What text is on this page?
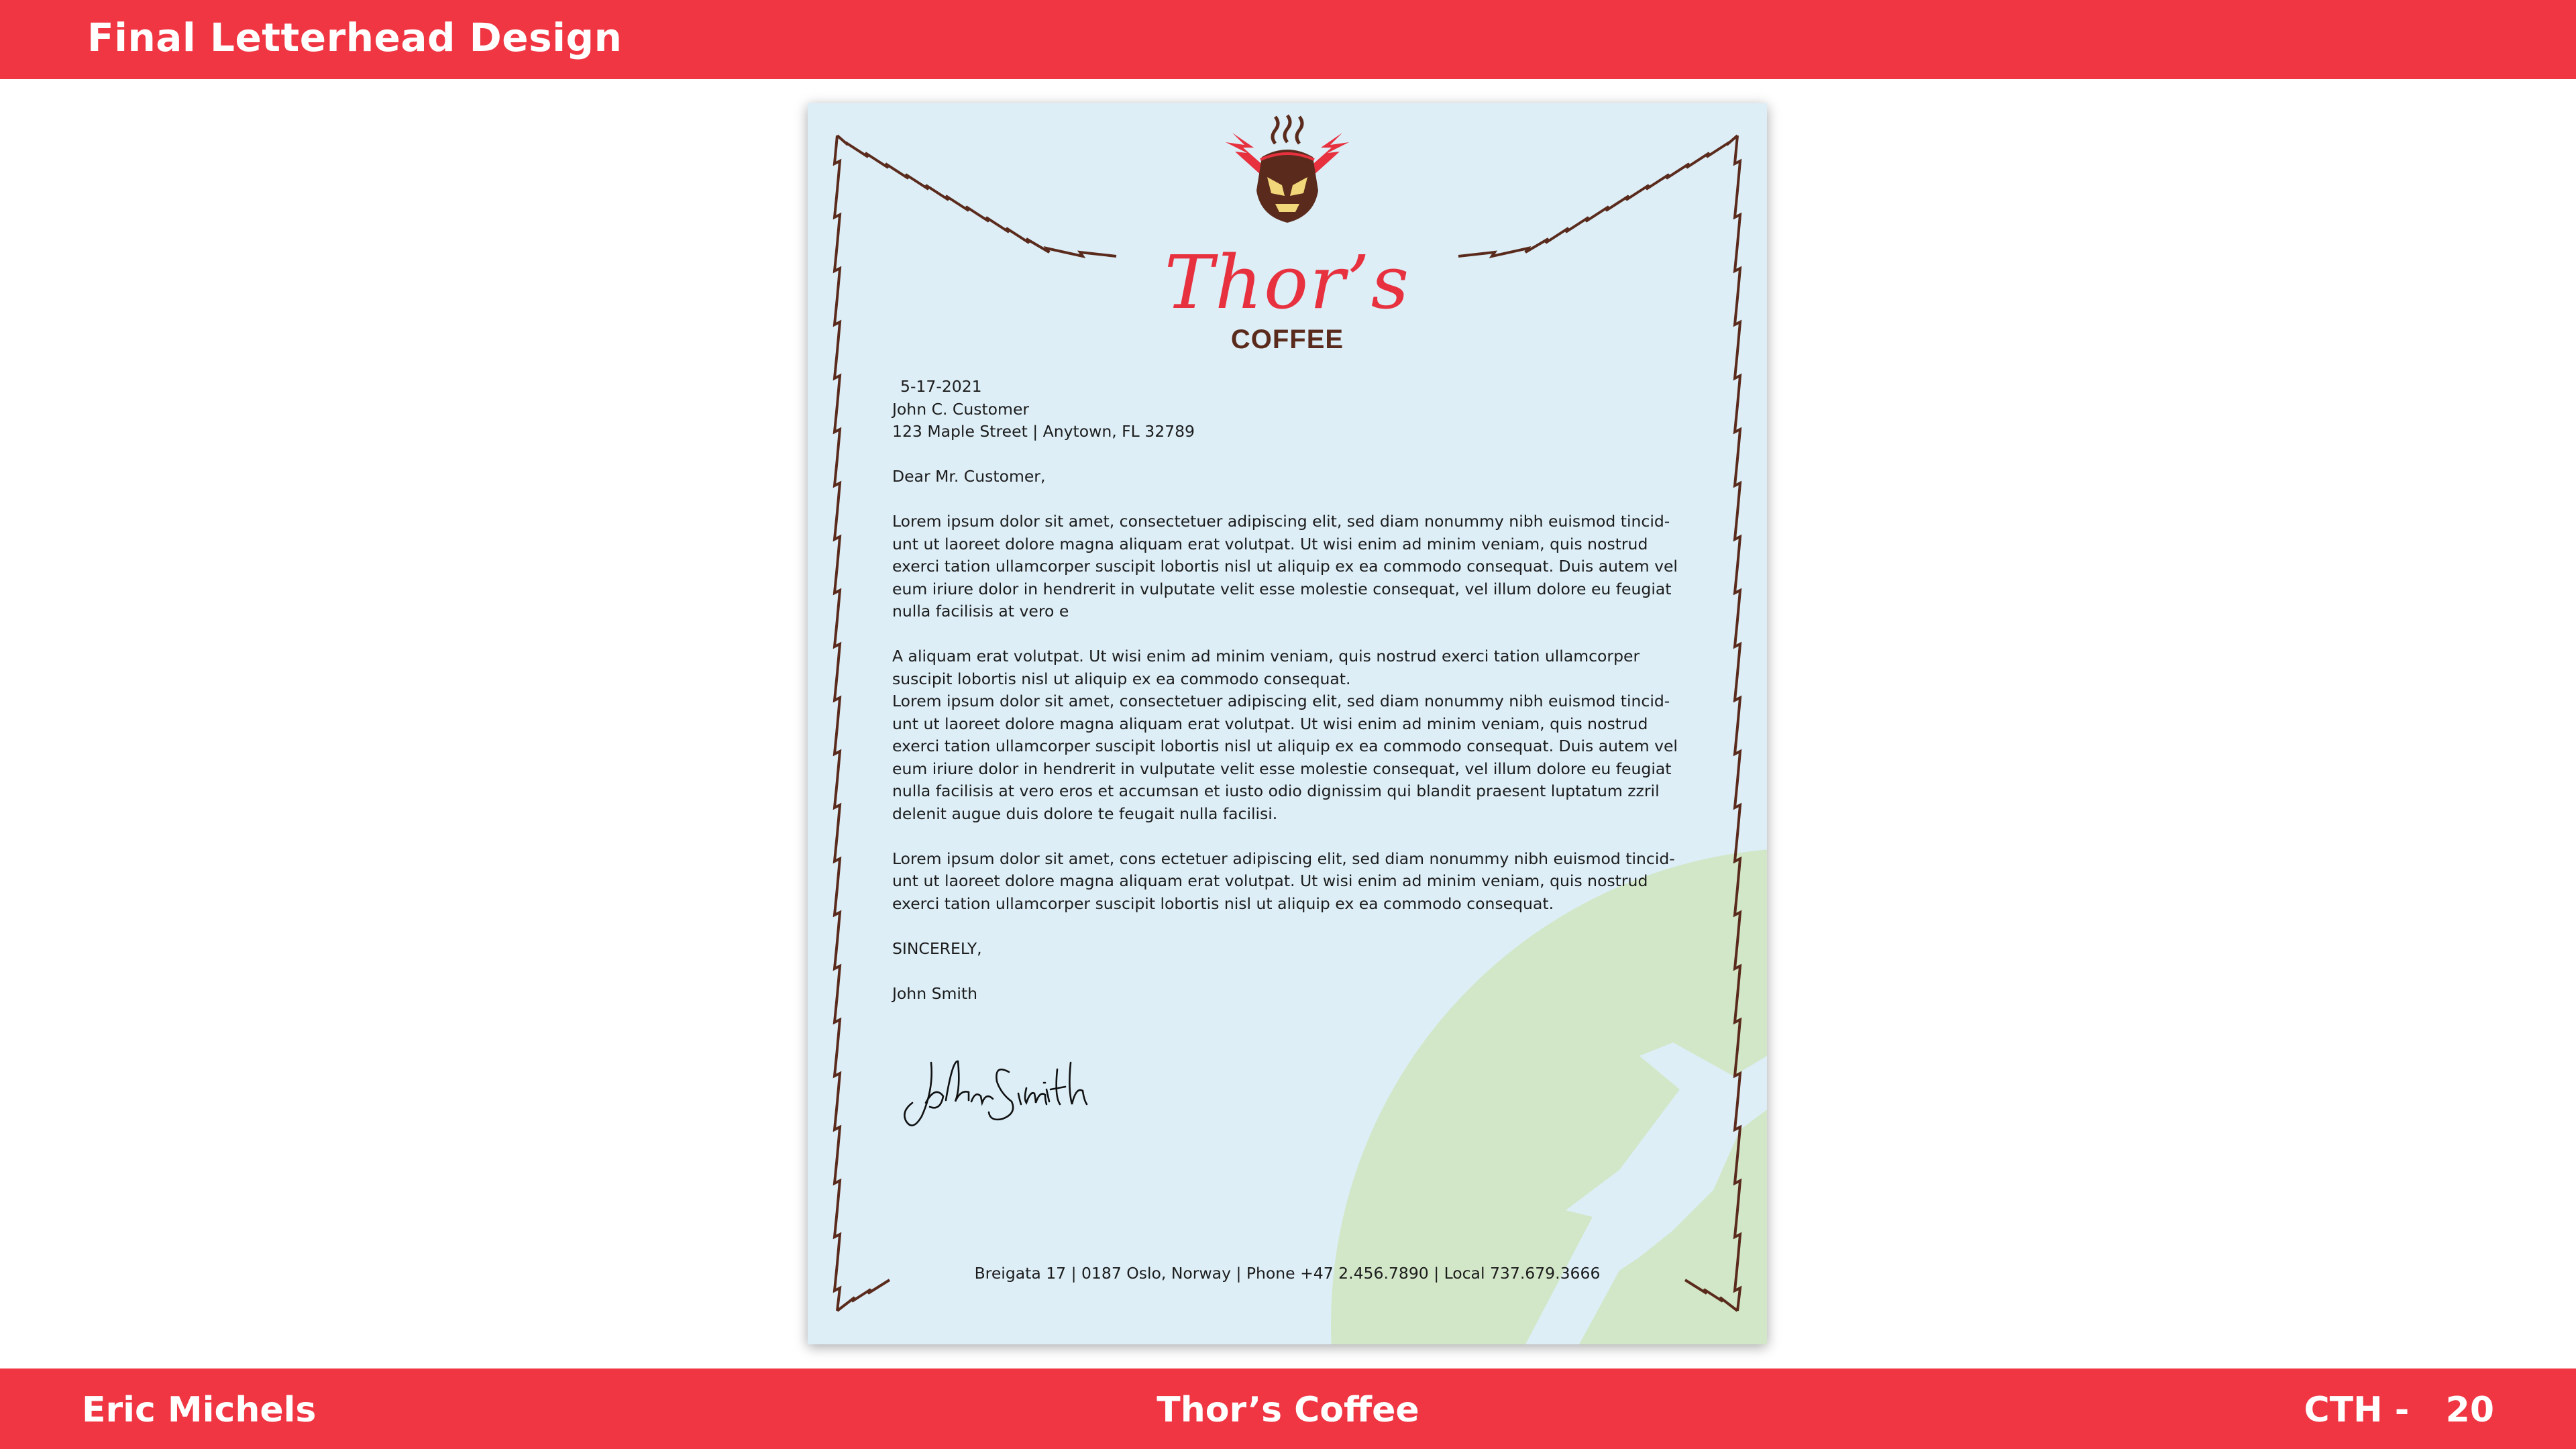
Final Letterhead Design
Thor’s
COFFEE

5-17-2021

John C. Customer

123 Maple Street | Anytown, FL 32789

Dear Mr. Customer,

Lorem ipsum dolor sit amet, consectetuer adipiscing elit, sed diam nonummy nibh euismod tincid-unt ut laoreet dolore magna aliquam erat volutpat. Ut wisi enim ad minim veniam, quis nostrud exerci tation ullamcorper suscipit lobortis nisl ut aliquip ex ea commodo consequat. Duis autem vel eum iriure dolor in hendrerit in vulputate velit esse molestie consequat, vel illum dolore eu feugiat nulla facilisis at vero e

A aliquam erat volutpat. Ut wisi enim ad minim veniam, quis nostrud exerci tation ullamcorper suscipit lobortis nisl ut aliquip ex ea commodo consequat.

Lorem ipsum dolor sit amet, consectetuer adipiscing elit, sed diam nonummy nibh euismod tincid-unt ut laoreet dolore magna aliquam erat volutpat. Ut wisi enim ad minim veniam, quis nostrud exerci tation ullamcorper suscipit lobortis nisl ut aliquip ex ea commodo consequat. Duis autem vel eum iriure dolor in hendrerit in vulputate velit esse molestie consequat, vel illum dolore eu feugiat nulla facilisis at vero eros et accumsan et iusto odio dignissim qui blandit praesent luptatum zzril delenit augue duis dolore te feugait nulla facilisi.

Lorem ipsum dolor sit amet, cons ectetuer adipiscing elit, sed diam nonummy nibh euismod tincid-unt ut laoreet dolore magna aliquam erat volutpat. Ut wisi enim ad minim veniam, quis nostrud exerci tation ullamcorper suscipit lobortis nisl ut aliquip ex ea commodo consequat.

SINCERELY,

John Smith

Breigata 17 | 0187 Oslo, Norway | Phone +47 2.456.7890 | Local 737.679.3666
Eric Michels	Thor’s Coffee	CTH -   20
